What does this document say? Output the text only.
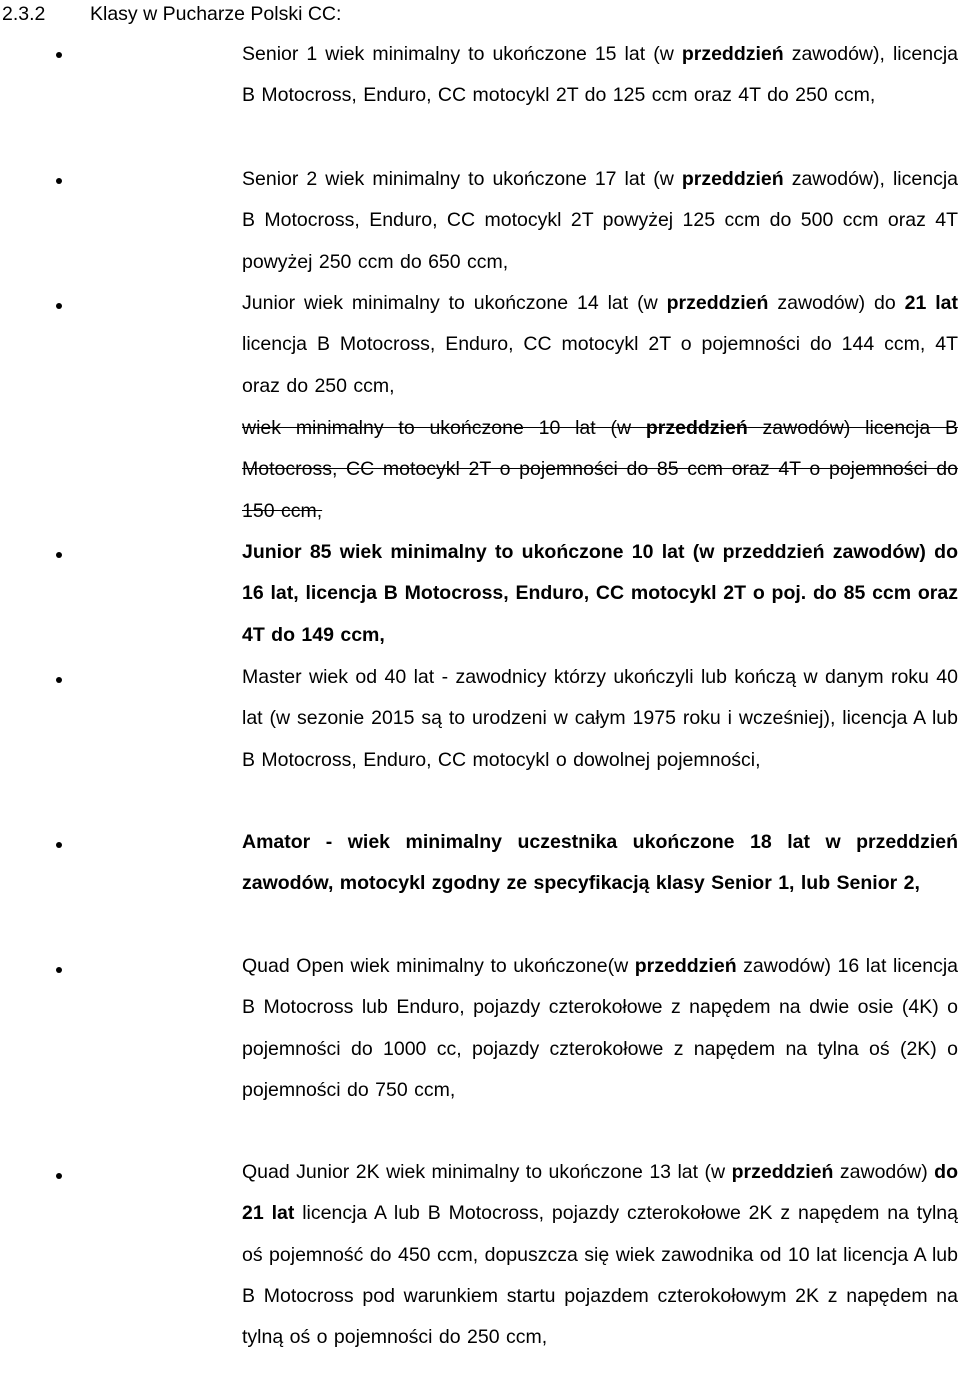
2.3.2 Klasy w Pucharze Polski CC:
Senior 1 wiek minimalny to ukończone 15 lat (w przeddzień zawodów), licencja B Motocross, Enduro, CC motocykl 2T do 125 ccm oraz 4T do 250 ccm,
Senior 2 wiek minimalny to ukończone 17 lat (w przeddzień zawodów), licencja B Motocross, Enduro, CC motocykl 2T powyżej 125 ccm do 500 ccm oraz 4T powyżej 250 ccm do 650 ccm,
Junior wiek minimalny to ukończone 14 lat (w przeddzień zawodów) do 21 lat licencja B Motocross, Enduro, CC motocykl 2T o pojemności do 144 ccm, 4T oraz do 250 ccm,
wiek minimalny to ukończone 10 lat (w przeddzień zawodów) licencja B Motocross, CC motocykl 2T o pojemności do 85 ccm oraz 4T o pojemności do 150 ccm,
Junior 85 wiek minimalny to ukończone 10 lat (w przeddzień zawodów) do 16 lat, licencja B Motocross, Enduro, CC motocykl 2T o poj. do 85 ccm oraz 4T do 149 ccm,
Master wiek od 40 lat - zawodnicy którzy ukończyli lub kończą w danym roku 40 lat (w sezonie 2015 są to urodzeni w całym 1975 roku i wcześniej), licencja A lub B Motocross, Enduro, CC motocykl o dowolnej pojemności,
Amator - wiek minimalny uczestnika ukończone 18 lat w przeddzień zawodów, motocykl zgodny ze specyfikacją klasy Senior 1, lub Senior 2,
Quad Open wiek minimalny to ukończone(w przeddzień zawodów) 16 lat licencja B Motocross lub Enduro, pojazdy czterokołowe z napędem na dwie osie (4K) o pojemności do 1000 cc, pojazdy czterokołowe z napędem na tylna oś (2K) o pojemności do 750 ccm,
Quad Junior 2K wiek minimalny to ukończone 13 lat (w przeddzień zawodów) do 21 lat licencja A lub B Motocross, pojazdy czterokołowe 2K z napędem na tylną oś pojemność do 450 ccm, dopuszcza się wiek zawodnika od 10 lat licencja A lub B Motocross pod warunkiem startu pojazdem czterokołowym 2K z napędem na tylną oś o pojemności do 250 ccm,
